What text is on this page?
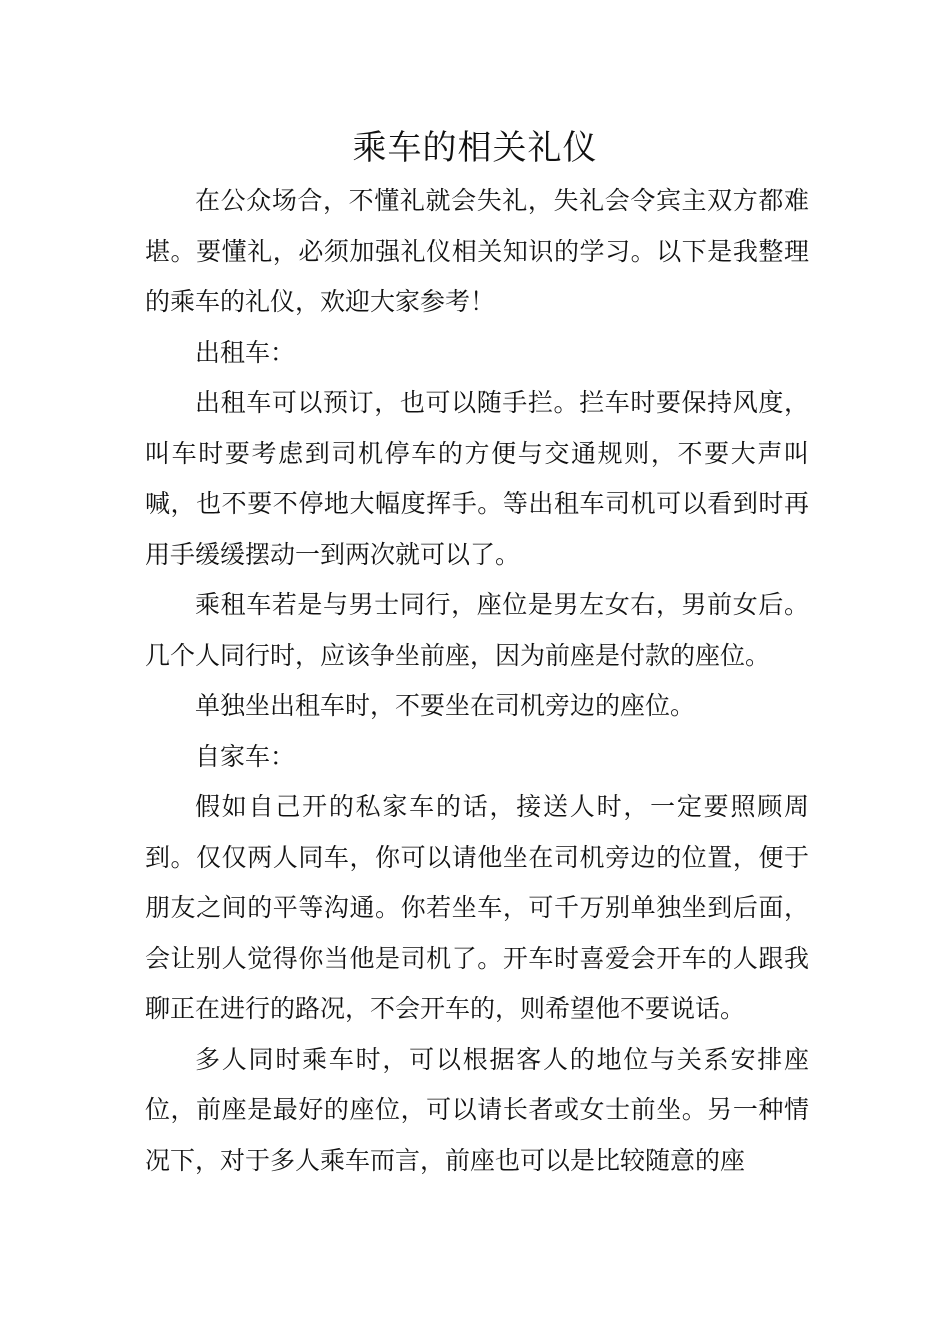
乘车的相关礼仪

在公众场合，不懂礼就会失礼，失礼会令宾主双方都难堪。要懂礼，必须加强礼仪相关知识的学习。以下是我整理的乘车的礼仪，欢迎大家参考！

出租车：

出租车可以预订，也可以随手拦。拦车时要保持风度，叫车时要考虑到司机停车的方便与交通规则，不要大声叫喊，也不要不停地大幅度挥手。等出租车司机可以看到时再用手缓缓摆动一到两次就可以了。

乘租车若是与男士同行，座位是男左女右，男前女后。几个人同行时，应该争坐前座，因为前座是付款的座位。

单独坐出租车时，不要坐在司机旁边的座位。

自家车：

假如自己开的私家车的话，接送人时，一定要照顾周到。仅仅两人同车，你可以请他坐在司机旁边的位置，便于朋友之间的平等沟通。你若坐车，可千万别单独坐到后面，会让别人觉得你当他是司机了。开车时喜爱会开车的人跟我聊正在进行的路况，不会开车的，则希望他不要说话。

多人同时乘车时，可以根据客人的地位与关系安排座位，前座是最好的座位，可以请长者或女士前坐。另一种情况下，对于多人乘车而言，前座也可以是比较随意的座
